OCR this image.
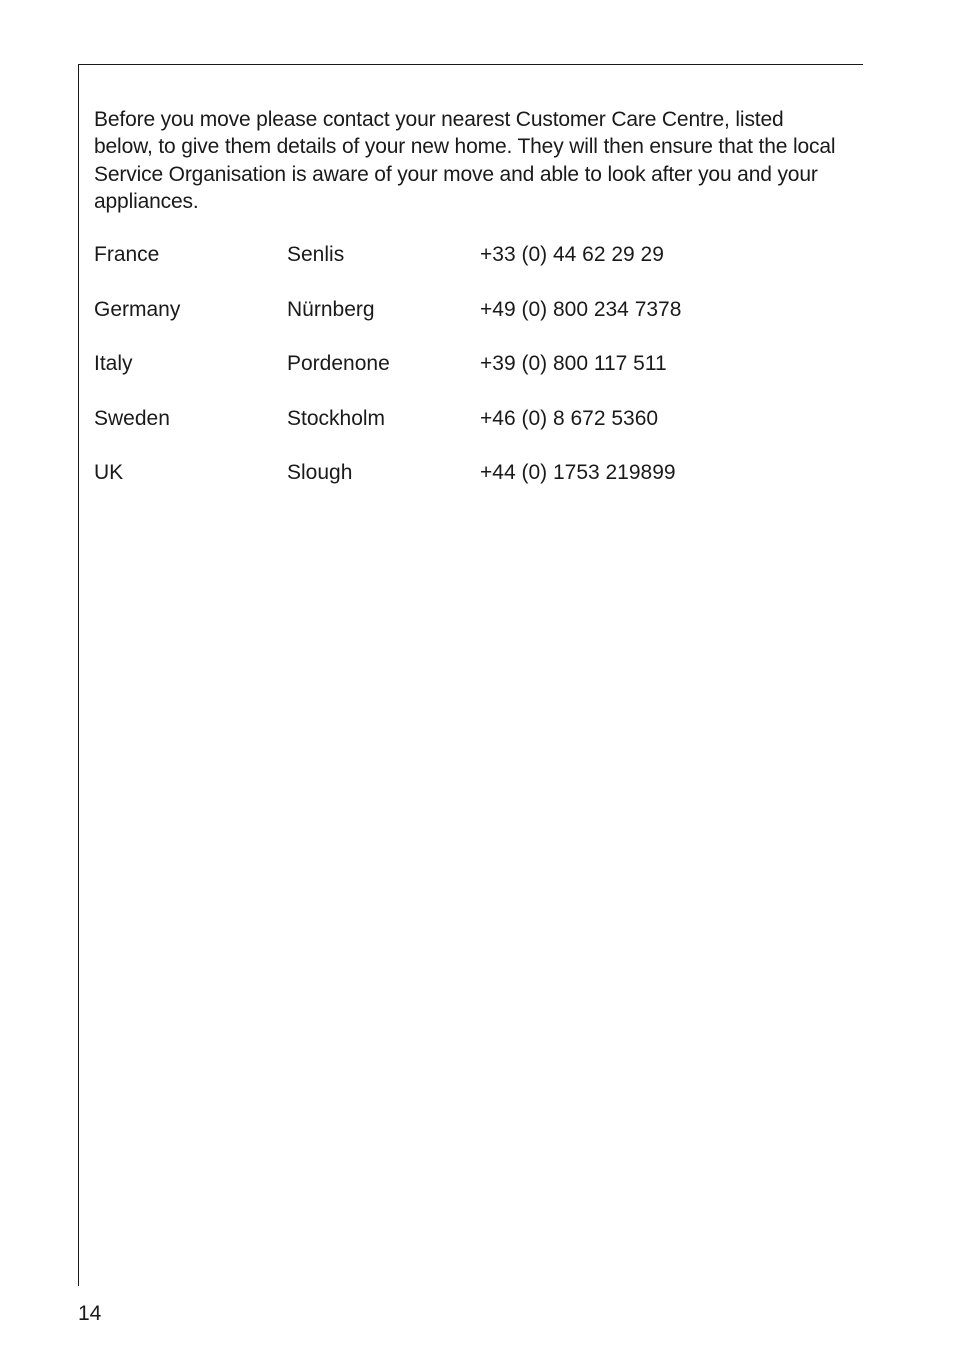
Before you move please contact your nearest Customer Care Centre, listed below, to give them details of your new home. They will then ensure that the local Service Organisation is aware of your move and able to look after you and your appliances.

France	Senlis	+33 (0) 44 62 29 29
Germany	Nürnberg	+49 (0) 800 234 7378
Italy	Pordenone	+39 (0) 800 117 511
Sweden	Stockholm	+46 (0) 8 672 5360
UK	Slough	+44 (0) 1753 219899
14
